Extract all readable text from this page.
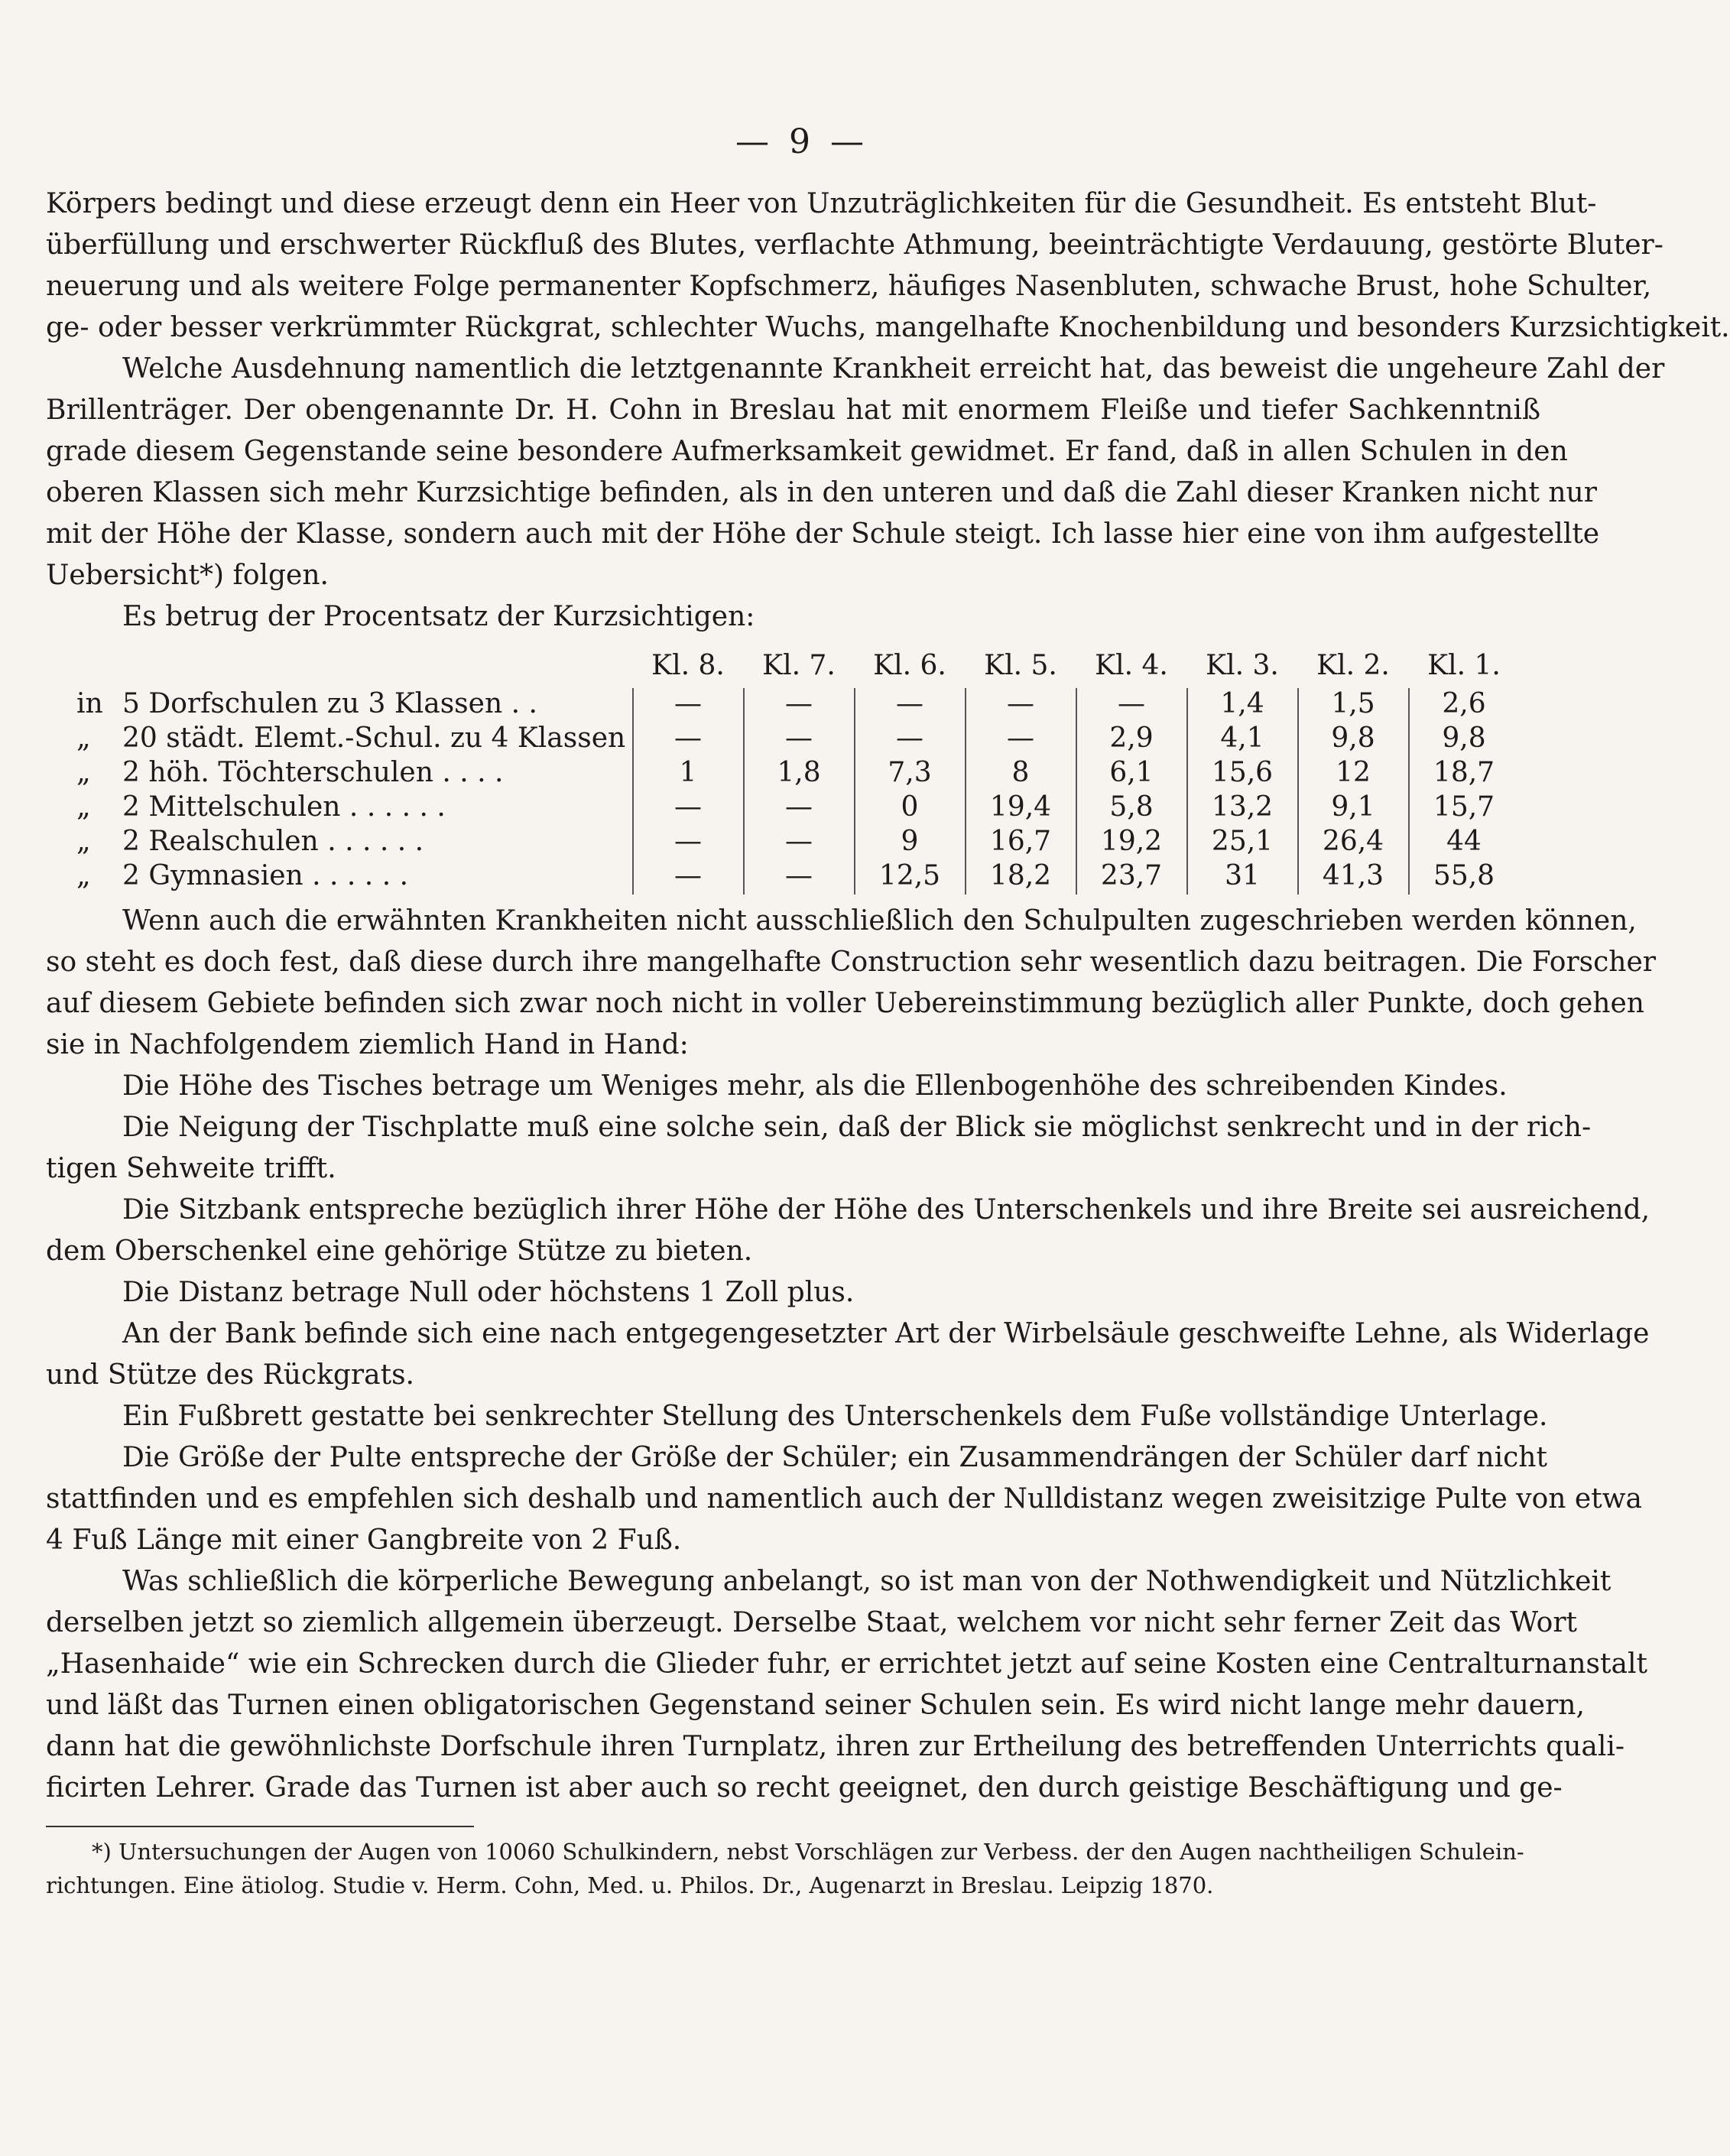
— 9 —
Körpers bedingt und diese erzeugt denn ein Heer von Unzuträglichkeiten für die Gesundheit. Es entsteht Blut-
überfüllung und erschwerter Rückfluß des Blutes, verflachte Athmung, beeinträchtigte Verdauung, gestörte Bluter-
neuerung und als weitere Folge permanenter Kopfschmerz, häufiges Nasenbluten, schwache Brust, hohe Schulter,
ge- oder besser verkrümmter Rückgrat, schlechter Wuchs, mangelhafte Knochenbildung und besonders Kurzsichtigkeit.
Welche Ausdehnung namentlich die letztgenannte Krankheit erreicht hat, das beweist die ungeheure Zahl der
Brillenträger. Der obengenannte Dr. H. Cohn in Breslau hat mit enormem Fleiße und tiefer Sachkenntniß
grade diesem Gegenstande seine besondere Aufmerksamkeit gewidmet. Er fand, daß in allen Schulen in den
oberen Klassen sich mehr Kurzsichtige befinden, als in den unteren und daß die Zahl dieser Kranken nicht nur
mit der Höhe der Klasse, sondern auch mit der Höhe der Schule steigt. Ich lasse hier eine von ihm aufgestellte
Uebersicht*) folgen.
Es betrug der Procentsatz der Kurzsichtigen:
Kl. 8.	Kl. 7.	Kl. 6.	Kl. 5.	Kl. 4.	Kl. 3.	Kl. 2.	Kl. 1.
in 5 Dorfschulen zu 3 Klassen . .	—	—	—	—	—	1,4	1,5	2,6
„ 20 städt. Elemt.-Schul. zu 4 Klassen	—	—	—	—	2,9	4,1	9,8	9,8
„ 2 höh. Töchterschulen . . . .	1	1,8	7,3	8	6,1	15,6	12	18,7
„ 2 Mittelschulen . . . . . .	—	—	0	19,4	5,8	13,2	9,1	15,7
„ 2 Realschulen . . . . . .	—	—	9	16,7	19,2	25,1	26,4	44
„ 2 Gymnasien . . . . . .	—	—	12,5	18,2	23,7	31	41,3	55,8
Wenn auch die erwähnten Krankheiten nicht ausschließlich den Schulpulten zugeschrieben werden können,
so steht es doch fest, daß diese durch ihre mangelhafte Construction sehr wesentlich dazu beitragen. Die Forscher
auf diesem Gebiete befinden sich zwar noch nicht in voller Uebereinstimmung bezüglich aller Punkte, doch gehen
sie in Nachfolgendem ziemlich Hand in Hand:
Die Höhe des Tisches betrage um Weniges mehr, als die Ellenbogenhöhe des schreibenden Kindes.
Die Neigung der Tischplatte muß eine solche sein, daß der Blick sie möglichst senkrecht und in der rich-
tigen Sehweite trifft.
Die Sitzbank entspreche bezüglich ihrer Höhe der Höhe des Unterschenkels und ihre Breite sei ausreichend,
dem Oberschenkel eine gehörige Stütze zu bieten.
Die Distanz betrage Null oder höchstens 1 Zoll plus.
An der Bank befinde sich eine nach entgegengesetzter Art der Wirbelsäule geschweifte Lehne, als Widerlage
und Stütze des Rückgrats.
Ein Fußbrett gestatte bei senkrechter Stellung des Unterschenkels dem Fuße vollständige Unterlage.
Die Größe der Pulte entspreche der Größe der Schüler; ein Zusammendrängen der Schüler darf nicht
stattfinden und es empfehlen sich deshalb und namentlich auch der Nulldistanz wegen zweisitzige Pulte von etwa
4 Fuß Länge mit einer Gangbreite von 2 Fuß.
Was schließlich die körperliche Bewegung anbelangt, so ist man von der Nothwendigkeit und Nützlichkeit
derselben jetzt so ziemlich allgemein überzeugt. Derselbe Staat, welchem vor nicht sehr ferner Zeit das Wort
„Hasenhaide“ wie ein Schrecken durch die Glieder fuhr, er errichtet jetzt auf seine Kosten eine Centralturnanstalt
und läßt das Turnen einen obligatorischen Gegenstand seiner Schulen sein. Es wird nicht lange mehr dauern,
dann hat die gewöhnlichste Dorfschule ihren Turnplatz, ihren zur Ertheilung des betreffenden Unterrichts quali-
ficirten Lehrer. Grade das Turnen ist aber auch so recht geeignet, den durch geistige Beschäftigung und ge-
*) Untersuchungen der Augen von 10060 Schulkindern, nebst Vorschlägen zur Verbess. der den Augen nachtheiligen Schulein-
richtungen. Eine ätiolog. Studie v. Herm. Cohn, Med. u. Philos. Dr., Augenarzt in Breslau. Leipzig 1870.
